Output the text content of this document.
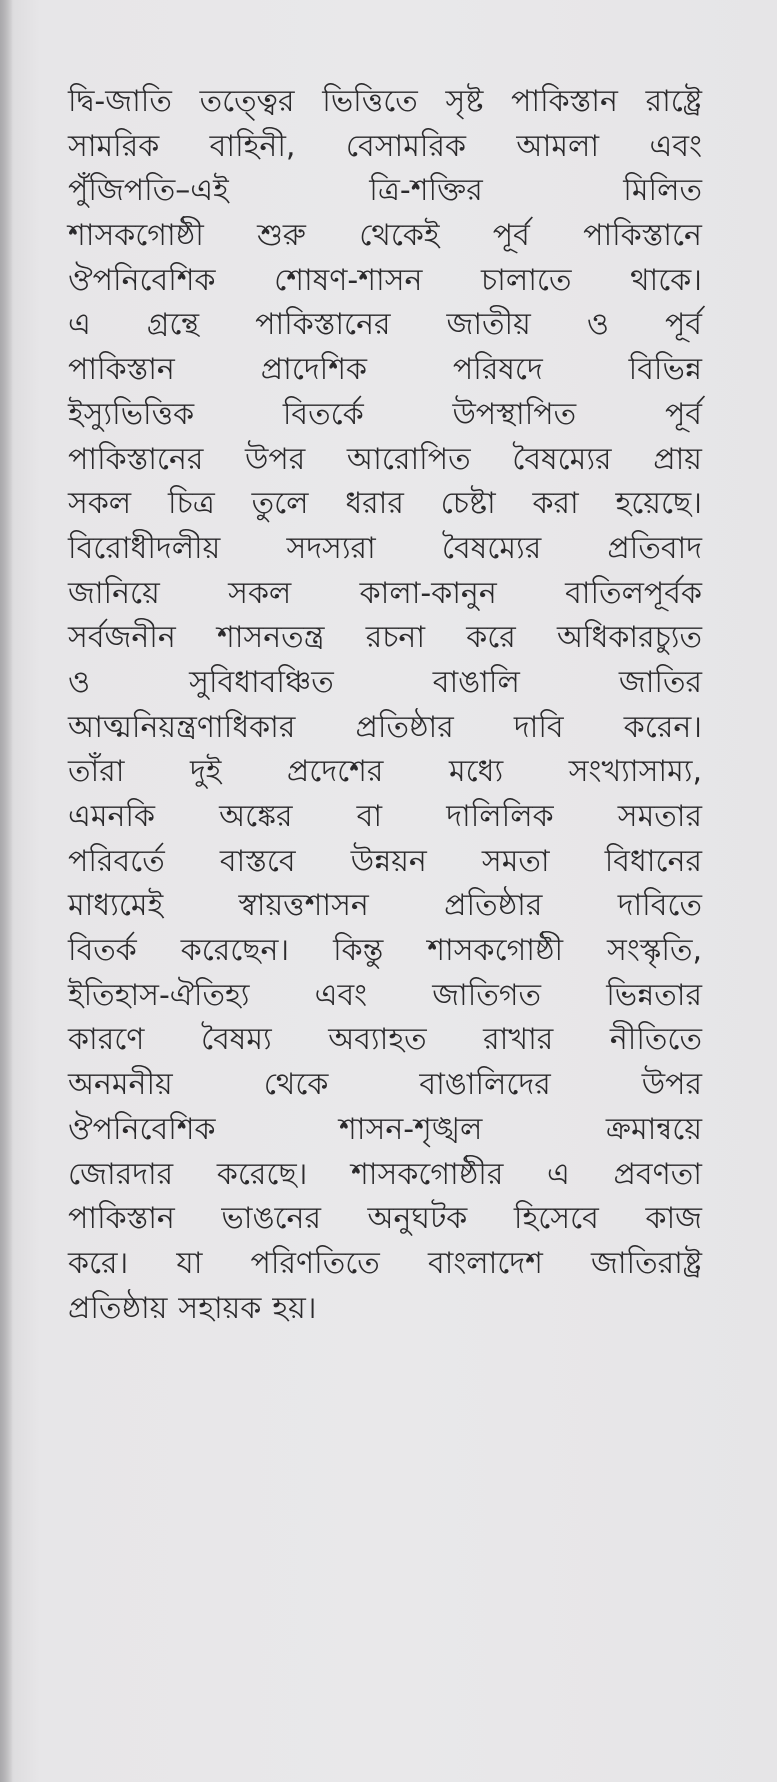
দ্বি-জাতি তত্ত্বের ভিত্তিতে সৃষ্ট পাকিস্তান রাষ্ট্রে
সামরিক বাহিনী, বেসামরিক আমলা এবং
পুঁজিপতি–এই	ত্রি-শক্তির	মিলিত
শাসকগোষ্ঠী শুরু থেকেই পূর্ব পাকিস্তানে
ঔপনিবেশিক শোষণ-শাসন চালাতে থাকে।
এ গ্রন্থে পাকিস্তানের জাতীয় ও পূর্ব
পাকিস্তান	প্রাদেশিক	পরিষদে	বিভিন্ন
ইস্যুভিত্তিক	বিতর্কে	উপস্থাপিত	পূর্ব
পাকিস্তানের উপর আরোপিত বৈষম্যের প্রায়
সকল চিত্র তুলে ধরার চেষ্টা করা হয়েছে।
বিরোধীদলীয় সদস্যরা বৈষম্যের প্রতিবাদ
জানিয়ে সকল কালা-কানুন বাতিলপূর্বক
সর্বজনীন শাসনতন্ত্র রচনা করে অধিকারচ্যুত
ও	সুবিধাবঞ্চিত	বাঙালি	জাতির
আত্মনিয়ন্ত্রণাধিকার প্রতিষ্ঠার দাবি করেন।
তাঁরা দুই প্রদেশের মধ্যে সংখ্যাসাম্য,
এমনকি অঙ্কের বা দালিলিক সমতার
পরিবর্তে বাস্তবে উন্নয়ন সমতা বিধানের
মাধ্যমেই	স্বায়ত্তশাসন	প্রতিষ্ঠার	দাবিতে
বিতর্ক করেছেন। কিন্তু শাসকগোষ্ঠী সংস্কৃতি,
ইতিহাস-ঐতিহ্য এবং জাতিগত ভিন্নতার
কারণে বৈষম্য অব্যাহত রাখার নীতিতে
অনমনীয়	থেকে	বাঙালিদের	উপর
ঔপনিবেশিক	শাসন-শৃঙ্খল	ক্রমান্বয়ে
জোরদার করেছে। শাসকগোষ্ঠীর এ প্রবণতা
পাকিস্তান ভাঙনের অনুঘটক হিসেবে কাজ
করে। যা পরিণতিতে বাংলাদেশ জাতিরাষ্ট্র
প্রতিষ্ঠায় সহায়ক হয়।
